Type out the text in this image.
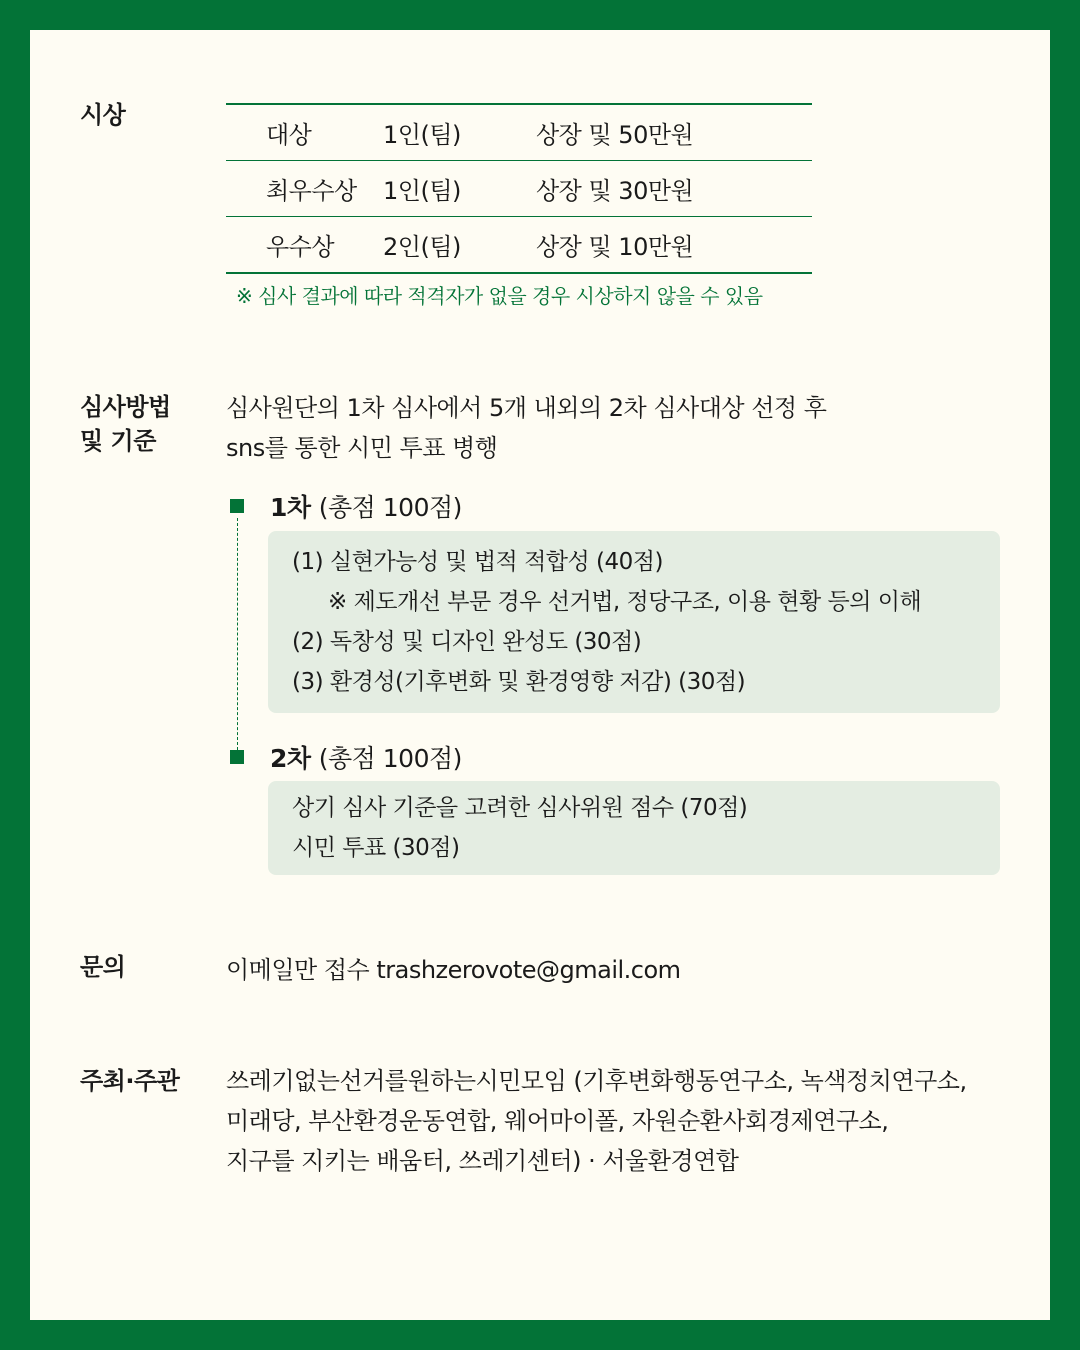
시상
대상	1인(팀)	상장 및 50만원
최우수상	1인(팀)	상장 및 30만원
우수상	2인(팀)	상장 및 10만원
※ 심사 결과에 따라 적격자가 없을 경우 시상하지 않을 수 있음
심사방법
및 기준
심사원단의 1차 심사에서 5개 내외의 2차 심사대상 선정 후
sns를 통한 시민 투표 병행
1차 (총점 100점)
(1) 실현가능성 및 법적 적합성 (40점)
※ 제도개선 부문 경우 선거법, 정당구조, 이용 현황 등의 이해
(2) 독창성 및 디자인 완성도 (30점)
(3) 환경성(기후변화 및 환경영향 저감) (30점)
2차 (총점 100점)
상기 심사 기준을 고려한 심사위원 점수 (70점)
시민 투표 (30점)
문의	이메일만 접수 trashzerovote@gmail.com
주최·주관 쓰레기없는선거를원하는시민모임 (기후변화행동연구소, 녹색정치연구소,
미래당, 부산환경운동연합, 웨어마이폴, 자원순환사회경제연구소,
지구를 지키는 배움터, 쓰레기센터) · 서울환경연합
